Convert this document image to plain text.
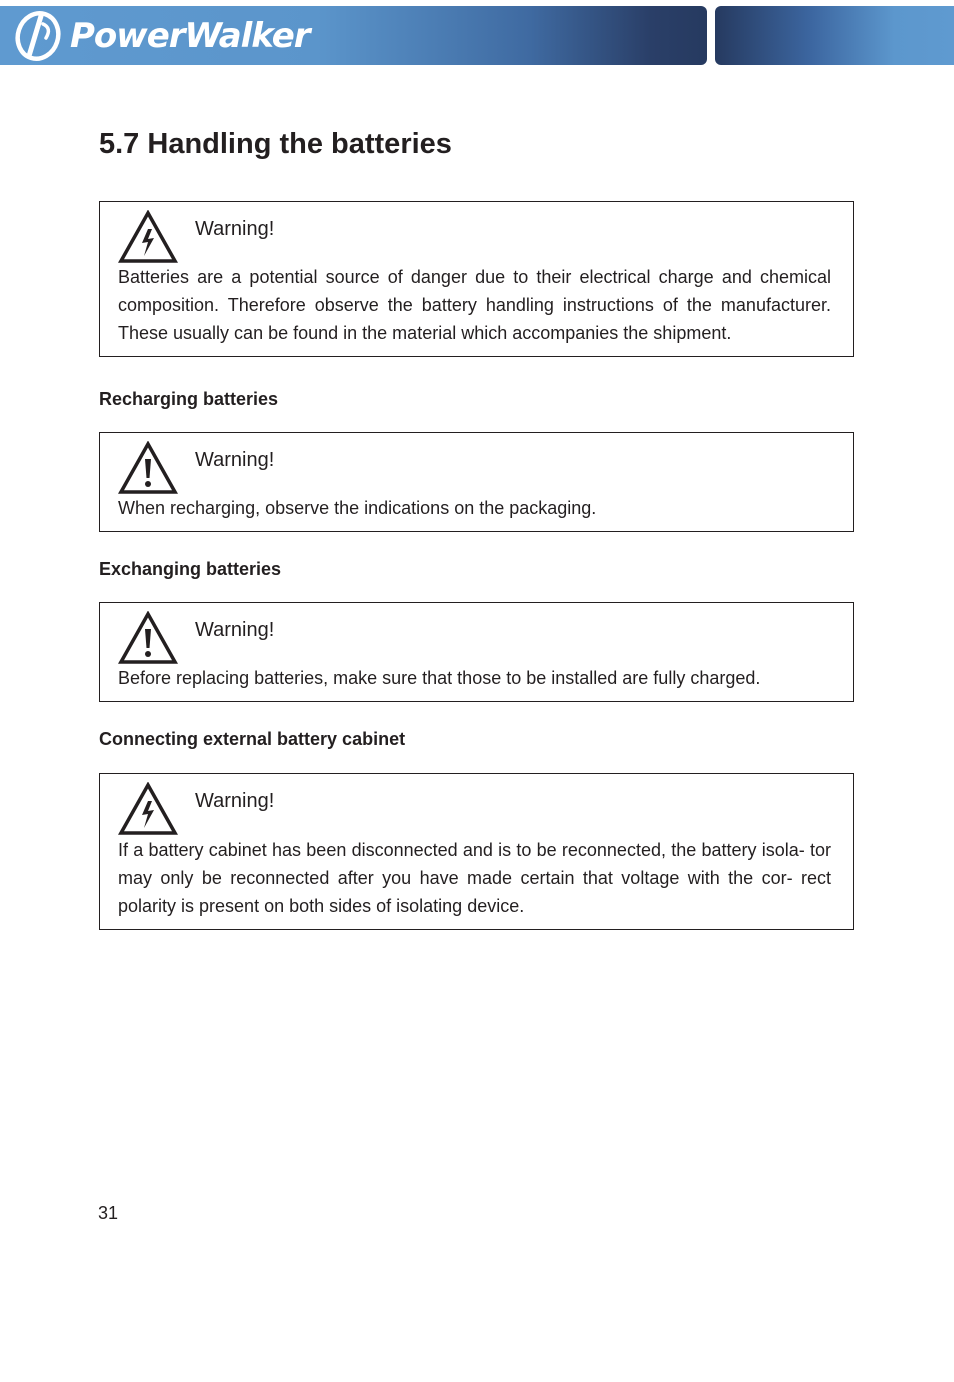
PowerWalker
5.7 Handling the batteries
Warning!

Batteries are a potential source of danger due to their electrical charge and chemical composition. Therefore observe the battery handling instructions of the manufacturer. These usually can be found in the material which accompanies the shipment.

Recharging batteries
Warning!

When recharging, observe the indications on the packaging.

Exchanging batteries
Warning!

Before replacing batteries, make sure that those to be installed are fully charged.

Connecting external battery cabinet
Warning!

If a battery cabinet has been disconnected and is to be reconnected, the battery isola- tor may only be reconnected after you have made certain that voltage with the cor- rect polarity is present on both sides of isolating device.

31
